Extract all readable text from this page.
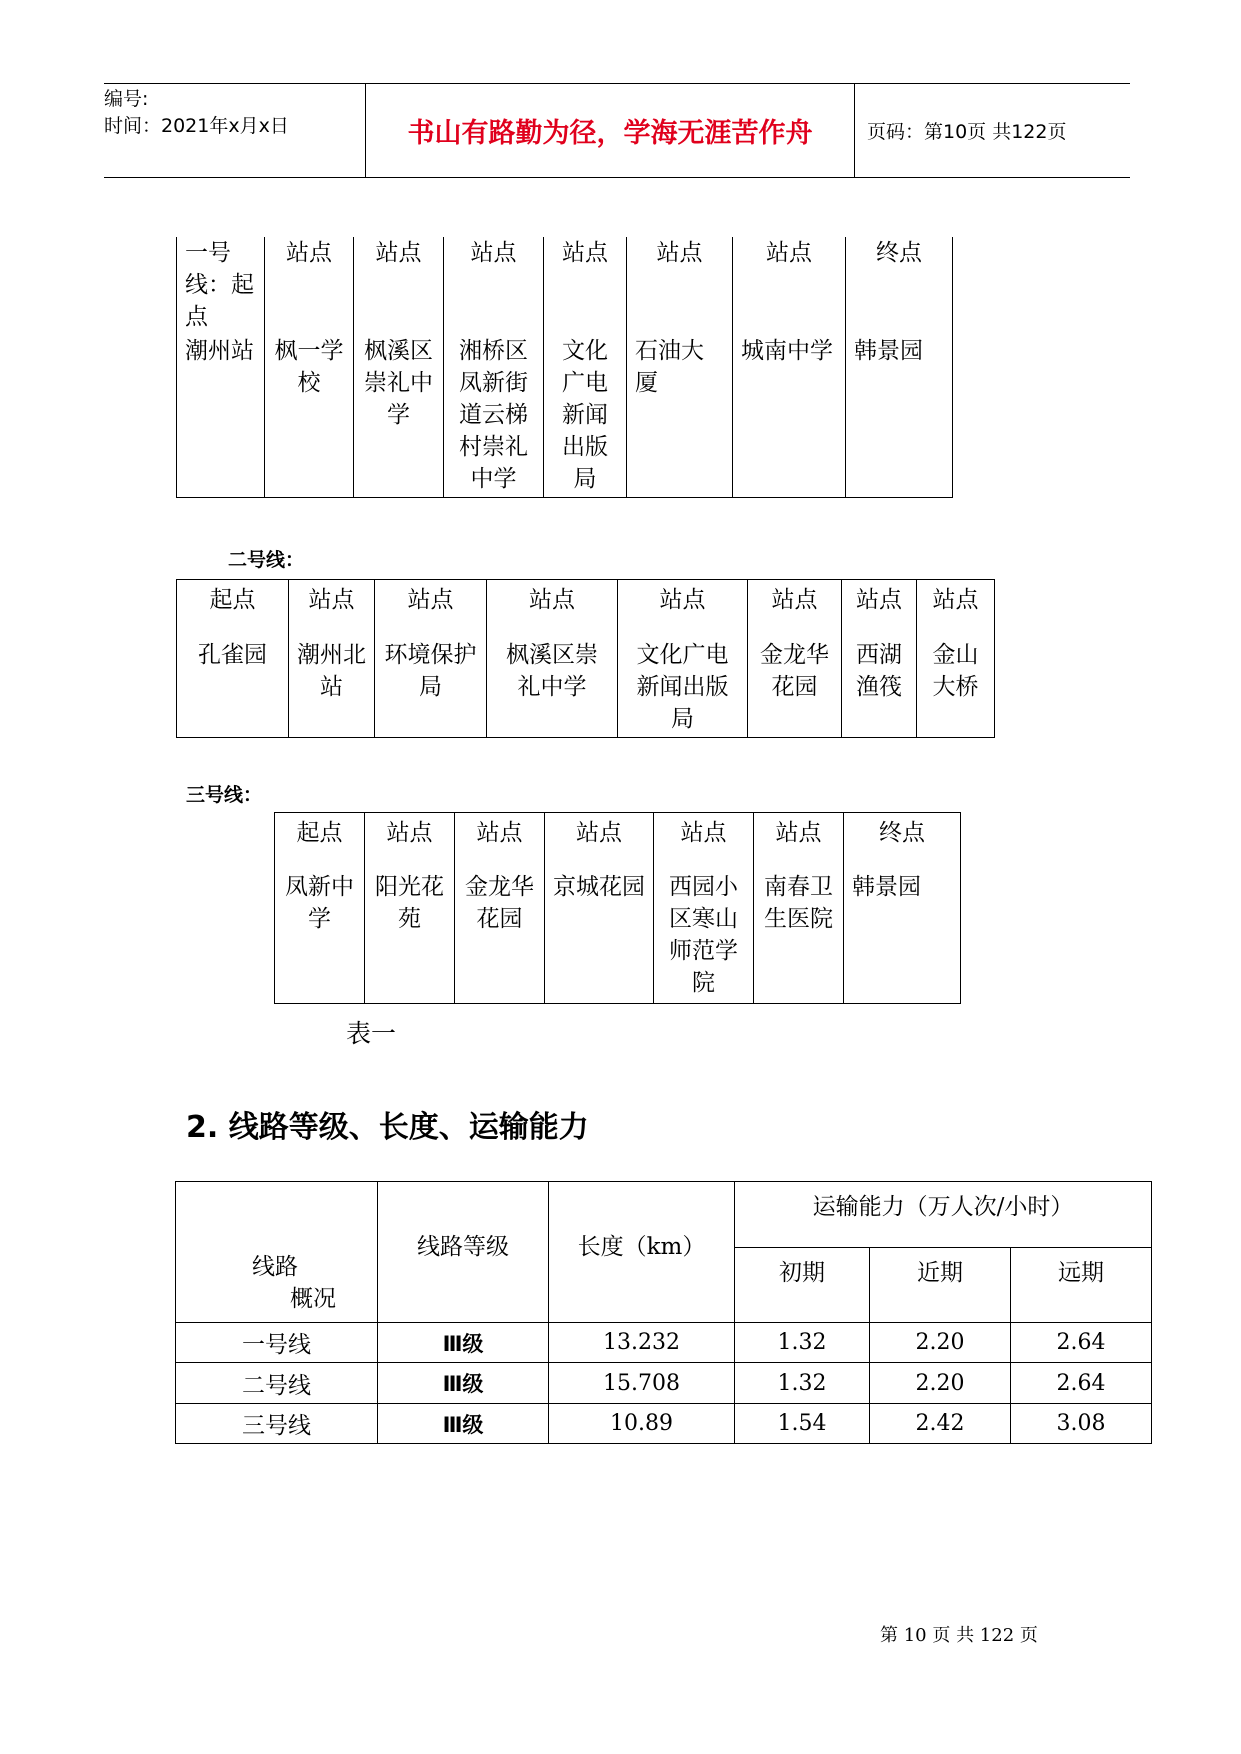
编号:
时间：2021年x月x日	书山有路勤为径，学海无涯苦作舟	页码：第10页 共122页
一号线：起点	站点	站点	站点	站点	站点	站点	终点
潮州站	枫一学校	枫溪区崇礼中学	湘桥区凤新街道云梯村崇礼中学	文化广电新闻出版局	石油大厦	城南中学	韩景园
二号线：
起点	站点	站点	站点	站点	站点	站点	站点
孔雀园	潮州北站	环境保护局	枫溪区崇礼中学	文化广电新闻出版局	金龙华花园	西湖渔筏	金山大桥
三号线：
起点	站点	站点	站点	站点	站点	终点
凤新中学	阳光花苑	金龙华花园	京城花园	西园小区寒山师范学院	南春卫生医院	韩景园
表一
2. 线路等级、长度、运输能力
线路
概况	线路等级	长度（km）	运输能力（万人次/小时）		
			初期	近期	远期
一号线	Ⅲ级	13.232	1.32	2.20	2.64
二号线	Ⅲ级	15.708	1.32	2.20	2.64
三号线	Ⅲ级	10.89	1.54	2.42	3.08
第 10 页 共 122 页
